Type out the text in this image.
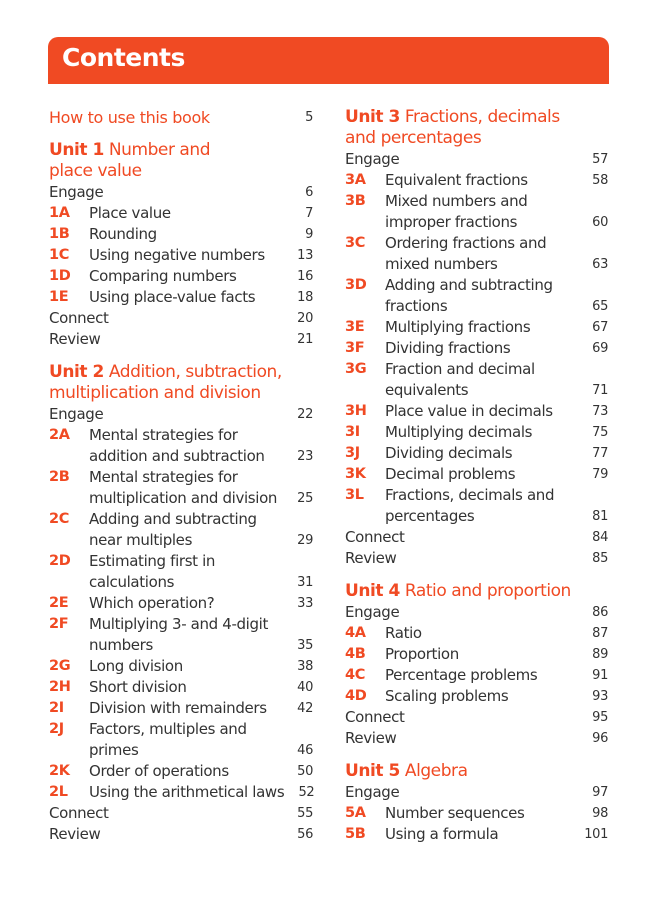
Contents
How to use this book	5
Unit 1
Number and
place value
Engage	6
1A	Place value	7
1B	Rounding	9
1C	Using negative numbers	13
1D	Comparing numbers	16
1E	Using place-value facts	18
Connect	20
Review	21
Unit 2
Addition, subtraction,
multiplication and division
Engage	22
2A	Mental strategies for
addition and subtraction	23
2B	Mental strategies for
multiplication and division	25
2C	Adding and subtracting
near multiples	29
2D	Estimating first in
calculations	31
2E	Which operation?	33
2F	Multiplying 3- and 4-digit
numbers	35
2G	Long division	38
2H	Short division	40
2I	Division with remainders	42
2J	Factors, multiples and
primes	46
2K	Order of operations	50
2L	Using the arithmetical laws	52
Connect	55
Review	56
Unit 3
Fractions, decimals
and percentages
Engage	57
3A	Equivalent fractions	58
3B	Mixed numbers and
improper fractions	60
3C	Ordering fractions and
mixed numbers	63
3D	Adding and subtracting
fractions	65
3E	Multiplying fractions	67
3F	Dividing fractions	69
3G	Fraction and decimal
equivalents	71
3H	Place value in decimals	73
3I	Multiplying decimals	75
3J	Dividing decimals	77
3K	Decimal problems	79
3L	Fractions, decimals and
percentages	81
Connect	84
Review	85
Unit 4
Ratio and proportion
Engage	86
4A	Ratio	87
4B	Proportion	89
4C	Percentage problems	91
4D	Scaling problems	93
Connect	95
Review	96
Unit 5
Algebra
Engage	97
5A	Number sequences	98
5B	Using a formula	101
